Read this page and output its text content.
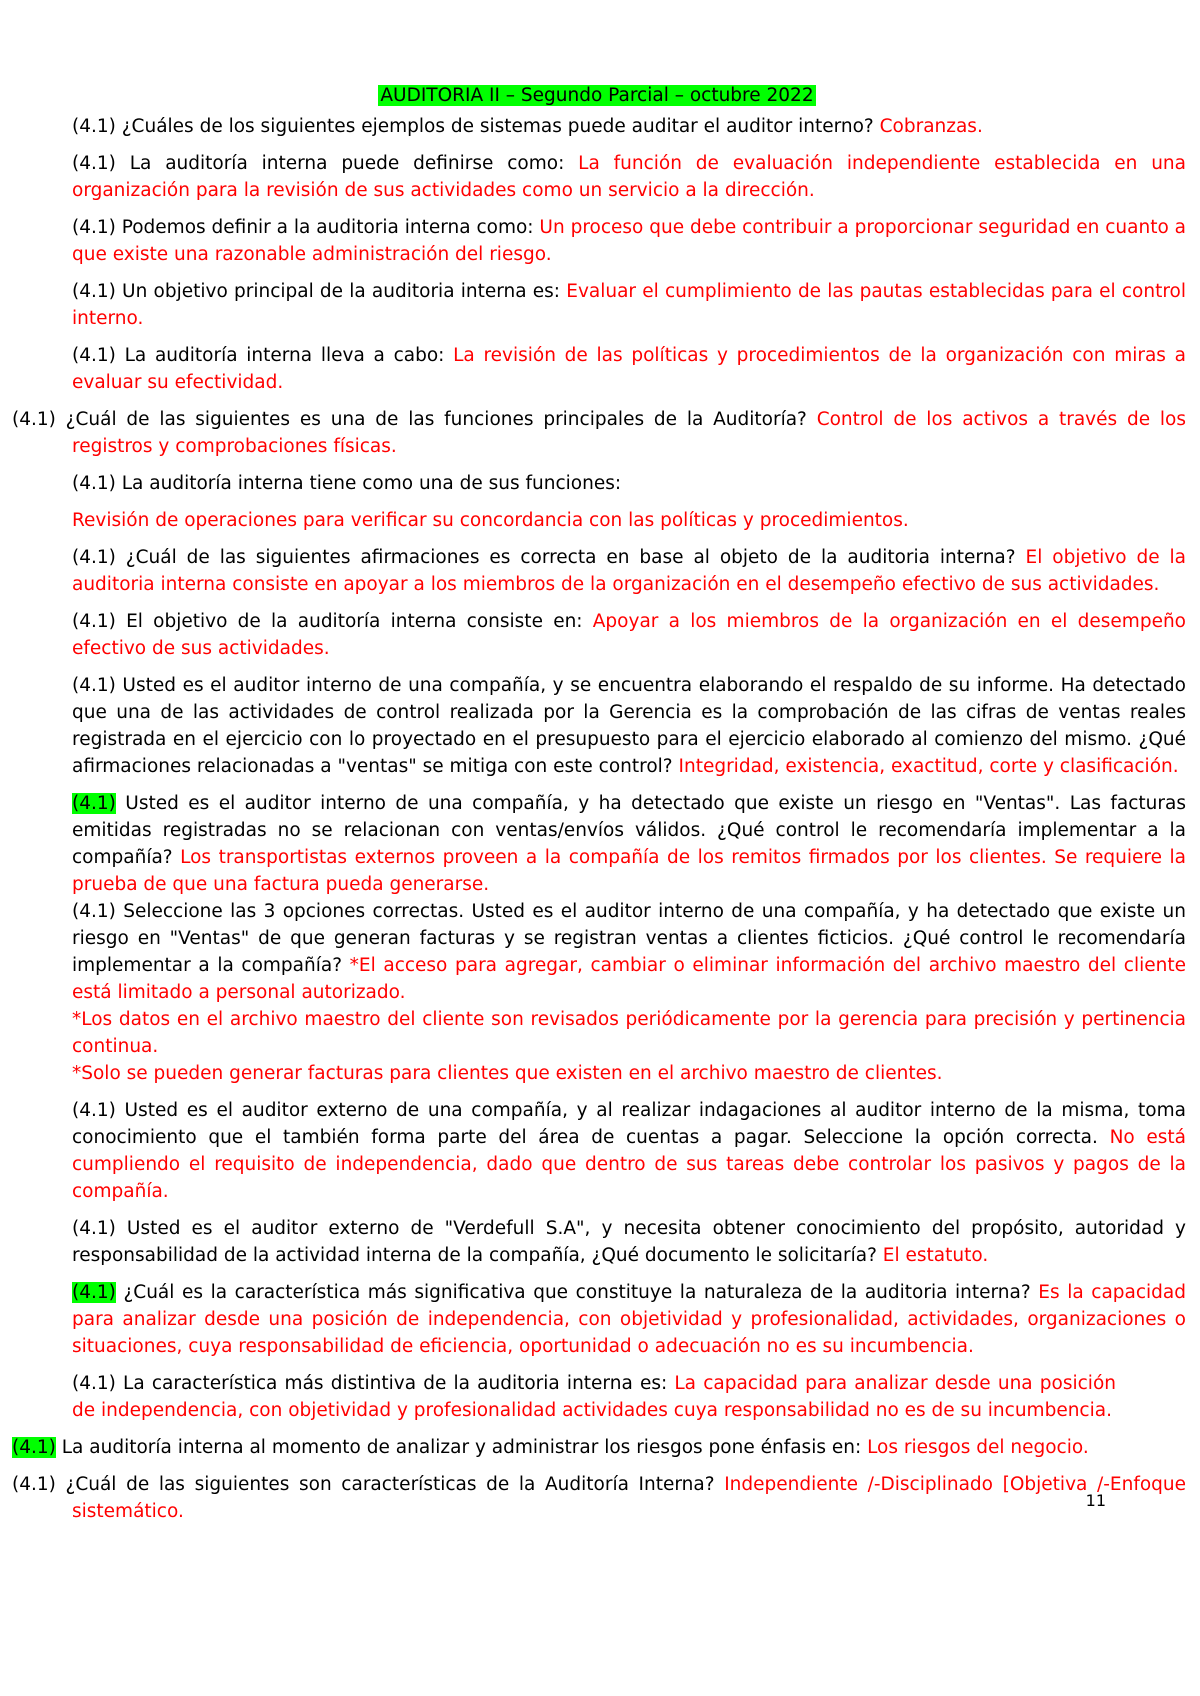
AUDITORIA II – Segundo Parcial – octubre 2022

(4.1) ¿Cuáles de los siguientes ejemplos de sistemas puede auditar el auditor interno? Cobranzas.

(4.1) La auditoría interna puede definirse como: La función de evaluación independiente establecida en una organización para la revisión de sus actividades como un servicio a la dirección.

(4.1) Podemos definir a la auditoria interna como: Un proceso que debe contribuir a proporcionar seguridad en cuanto a que existe una razonable administración del riesgo.

(4.1) Un objetivo principal de la auditoria interna es: Evaluar el cumplimiento de las pautas establecidas para el control interno.

(4.1) La auditoría interna lleva a cabo: La revisión de las políticas y procedimientos de la organización con miras a evaluar su efectividad.

(4.1) ¿Cuál de las siguientes es una de las funciones principales de la Auditoría? Control de los activos a través de los registros y comprobaciones físicas.

(4.1) La auditoría interna tiene como una de sus funciones:

Revisión de operaciones para verificar su concordancia con las políticas y procedimientos.

(4.1) ¿Cuál de las siguientes afirmaciones es correcta en base al objeto de la auditoria interna? El objetivo de la auditoria interna consiste en apoyar a los miembros de la organización en el desempeño efectivo de sus actividades.

(4.1) El objetivo de la auditoría interna consiste en: Apoyar a los miembros de la organización en el desempeño efectivo de sus actividades.

(4.1) Usted es el auditor interno de una compañía, y se encuentra elaborando el respaldo de su informe. Ha detectado que una de las actividades de control realizada por la Gerencia es la comprobación de las cifras de ventas reales registrada en el ejercicio con lo proyectado en el presupuesto para el ejercicio elaborado al comienzo del mismo. ¿Qué afirmaciones relacionadas a "ventas" se mitiga con este control? Integridad, existencia, exactitud, corte y clasificación.

(4.1) Usted es el auditor interno de una compañía, y ha detectado que existe un riesgo en "Ventas". Las facturas emitidas registradas no se relacionan con ventas/envíos válidos. ¿Qué control le recomendaría implementar a la compañía? Los transportistas externos proveen a la compañía de los remitos firmados por los clientes. Se requiere la prueba de que una factura pueda generarse.

(4.1) Seleccione las 3 opciones correctas. Usted es el auditor interno de una compañía, y ha detectado que existe un riesgo en "Ventas" de que generan facturas y se registran ventas a clientes ficticios. ¿Qué control le recomendaría implementar a la compañía? *El acceso para agregar, cambiar o eliminar información del archivo maestro del cliente está limitado a personal autorizado.

*Los datos en el archivo maestro del cliente son revisados periódicamente por la gerencia para precisión y pertinencia continua.

*Solo se pueden generar facturas para clientes que existen en el archivo maestro de clientes.

(4.1) Usted es el auditor externo de una compañía, y al realizar indagaciones al auditor interno de la misma, toma conocimiento que el también forma parte del área de cuentas a pagar. Seleccione la opción correcta. No está cumpliendo el requisito de independencia, dado que dentro de sus tareas debe controlar los pasivos y pagos de la compañía.

(4.1) Usted es el auditor externo de "Verdefull S.A", y necesita obtener conocimiento del propósito, autoridad y responsabilidad de la actividad interna de la compañía, ¿Qué documento le solicitaría? El estatuto.

(4.1) ¿Cuál es la característica más significativa que constituye la naturaleza de la auditoria interna? Es la capacidad para analizar desde una posición de independencia, con objetividad y profesionalidad, actividades, organizaciones o situaciones, cuya responsabilidad de eficiencia, oportunidad o adecuación no es su incumbencia.

(4.1) La característica más distintiva de la auditoria interna es: La capacidad para analizar desde una posición de independencia, con objetividad y profesionalidad actividades cuya responsabilidad no es de su incumbencia.

(4.1) La auditoría interna al momento de analizar y administrar los riesgos pone énfasis en: Los riesgos del negocio.

(4.1) ¿Cuál de las siguientes son características de la Auditoría Interna? Independiente /-Disciplinado [Objetiva /-Enfoque sistemático.

11
